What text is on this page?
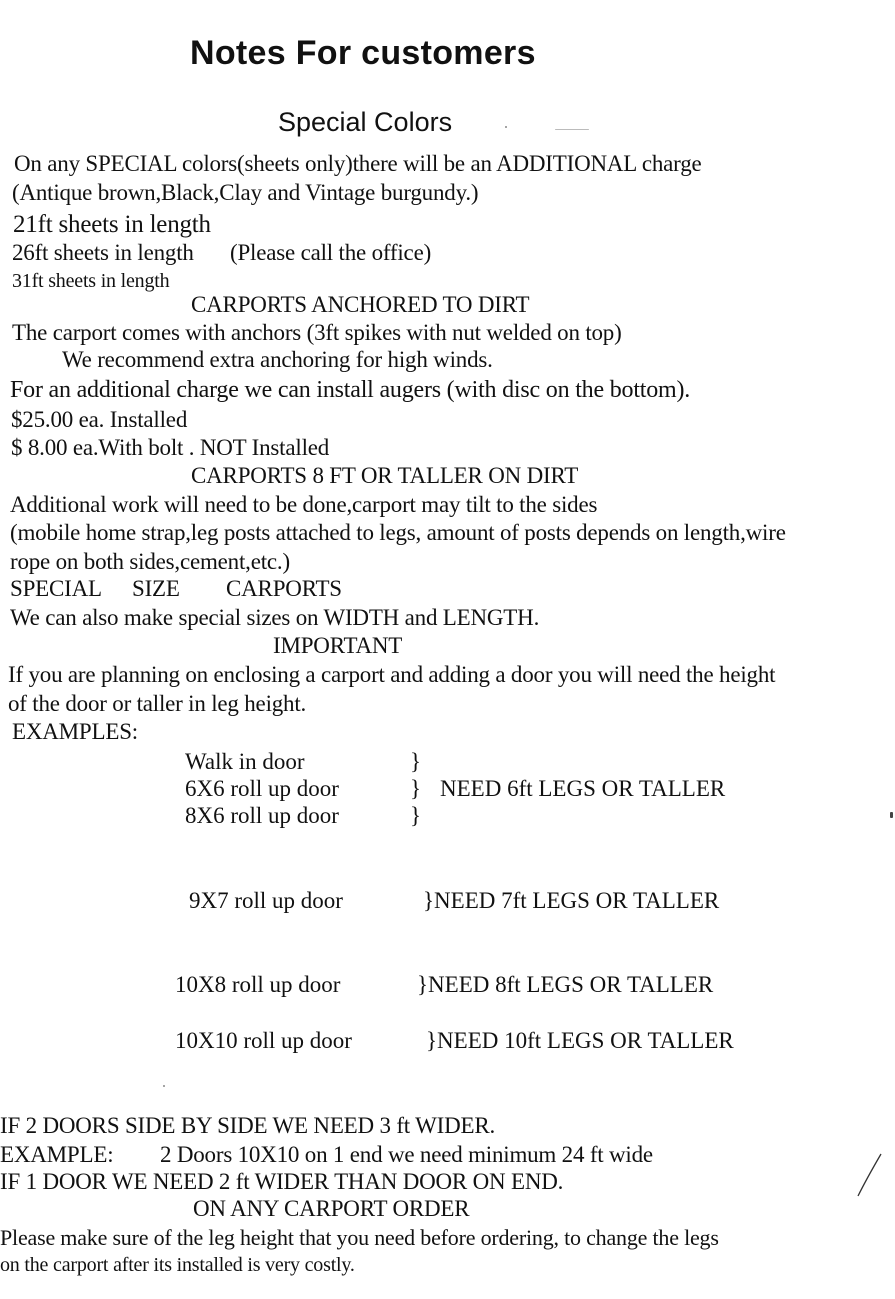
Notes For customers
Special Colors
On any SPECIAL colors(sheets only)there will be an ADDITIONAL charge
(Antique brown,Black,Clay and Vintage burgundy.)
21ft sheets in length
26ft sheets in length (Please call the office)
31ft sheets in length
CARPORTS ANCHORED TO DIRT
The carport comes with anchors (3ft spikes with nut welded on top)
We recommend extra anchoring for high winds.
For an additional charge we can install augers (with disc on the bottom).
$25.00 ea. Installed
$ 8.00 ea.With bolt . NOT Installed
CARPORTS 8 FT OR TALLER ON DIRT
Additional work will need to be done,carport may tilt to the sides
(mobile home strap,leg posts attached to legs, amount of posts depends on length,wire
rope on both sides,cement,etc.)
SPECIAL SIZE CARPORTS
We can also make special sizes on WIDTH and LENGTH.
IMPORTANT
If you are planning on enclosing a carport and adding a door you will need the height
of the door or taller in leg height.
EXAMPLES:
Walk in door	}
6X6 roll up door	} NEED 6ft LEGS OR TALLER
8X6 roll up door	}
9X7 roll up door	}NEED 7ft LEGS OR TALLER
10X8 roll up door	}NEED 8ft LEGS OR TALLER
10X10 roll up door	}NEED 10ft LEGS OR TALLER
IF 2 DOORS SIDE BY SIDE WE NEED 3 ft WIDER.
EXAMPLE: 2 Doors 10X10 on 1 end we need minimum 24 ft wide
IF 1 DOOR WE NEED 2 ft WIDER THAN DOOR ON END.
ON ANY CARPORT ORDER
Please make sure of the leg height that you need before ordering, to change the legs
on the carport after its installed is very costly.
